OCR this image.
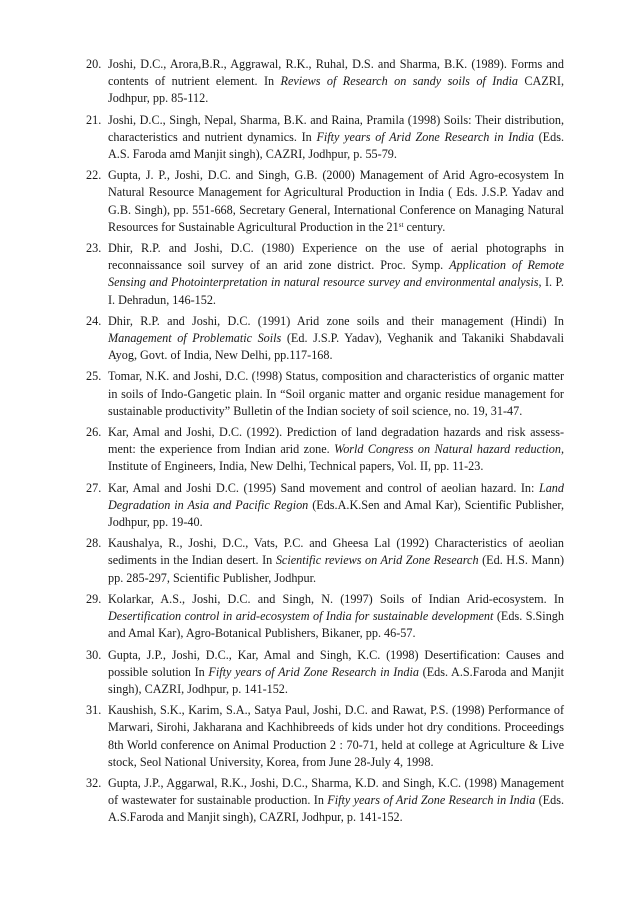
20. Joshi, D.C., Arora,B.R., Aggrawal, R.K., Ruhal, D.S. and Sharma, B.K. (1989). Forms and contents of nutrient element. In Reviews of Research on sandy soils of India CAZRI, Jodhpur, pp. 85-112.
21. Joshi, D.C., Singh, Nepal, Sharma, B.K. and Raina, Pramila (1998) Soils: Their distribution, characteristics and nutrient dynamics. In Fifty years of Arid Zone Research in India (Eds. A.S. Faroda amd Manjit singh), CAZRI, Jodhpur, p. 55-79.
22. Gupta, J. P., Joshi, D.C. and Singh, G.B. (2000) Management of Arid Agro-ecosystem In Natural Resource Management for Agricultural Production in India ( Eds. J.S.P. Yadav and G.B. Singh), pp. 551-668, Secretary General, International Conference on Managing Natural Resources for Sustainable Agricultural Production in the 21st century.
23. Dhir, R.P. and Joshi, D.C. (1980) Experience on the use of aerial photographs in reconnaissance soil survey of an arid zone district. Proc. Symp. Application of Remote Sensing and Photointerpretation in natural resource survey and environmental analysis, I. P. I. Dehradun, 146-152.
24. Dhir, R.P. and Joshi, D.C. (1991) Arid zone soils and their management (Hindi) In Management of Problematic Soils (Ed. J.S.P. Yadav), Veghanik and Takaniki Shabdavali Ayog, Govt. of India, New Delhi, pp.117-168.
25. Tomar, N.K. and Joshi, D.C. (!998) Status, composition and characteristics of organic matter in soils of Indo-Gangetic plain. In “Soil organic matter and organic residue management for sustainable productivity” Bulletin of the Indian society of soil science, no. 19, 31-47.
26. Kar, Amal and Joshi, D.C. (1992). Prediction of land degradation hazards and risk assess-ment: the experience from Indian arid zone. World Congress on Natural hazard reduction, Institute of Engineers, India, New Delhi, Technical papers, Vol. II, pp. 11-23.
27. Kar, Amal and Joshi D.C. (1995) Sand movement and control of aeolian hazard. In: Land Degradation in Asia and Pacific Region (Eds.A.K.Sen and Amal Kar), Scientific Publisher, Jodhpur, pp. 19-40.
28. Kaushalya, R., Joshi, D.C., Vats, P.C. and Gheesa Lal (1992) Characteristics of aeolian sediments in the Indian desert. In Scientific reviews on Arid Zone Research (Ed. H.S. Mann) pp. 285-297, Scientific Publisher, Jodhpur.
29. Kolarkar, A.S., Joshi, D.C. and Singh, N. (1997) Soils of Indian Arid-ecosystem. In Desertification control in arid-ecosystem of India for sustainable development (Eds. S.Singh and Amal Kar), Agro-Botanical Publishers, Bikaner, pp. 46-57.
30. Gupta, J.P., Joshi, D.C., Kar, Amal and Singh, K.C. (1998) Desertification: Causes and possible solution In Fifty years of Arid Zone Research in India (Eds. A.S.Faroda and Manjit singh), CAZRI, Jodhpur, p. 141-152.
31. Kaushish, S.K., Karim, S.A., Satya Paul, Joshi, D.C. and Rawat, P.S. (1998) Performance of Marwari, Sirohi, Jakharana and Kachhibreeds of kids under hot dry conditions. Proceedings 8th World conference on Animal Production 2 : 70-71, held at college at Agriculture & Live stock, Seol National University, Korea, from June 28-July 4, 1998.
32. Gupta, J.P., Aggarwal, R.K., Joshi, D.C., Sharma, K.D. and Singh, K.C. (1998) Management of wastewater for sustainable production. In Fifty years of Arid Zone Research in India (Eds. A.S.Faroda and Manjit singh), CAZRI, Jodhpur, p. 141-152.
